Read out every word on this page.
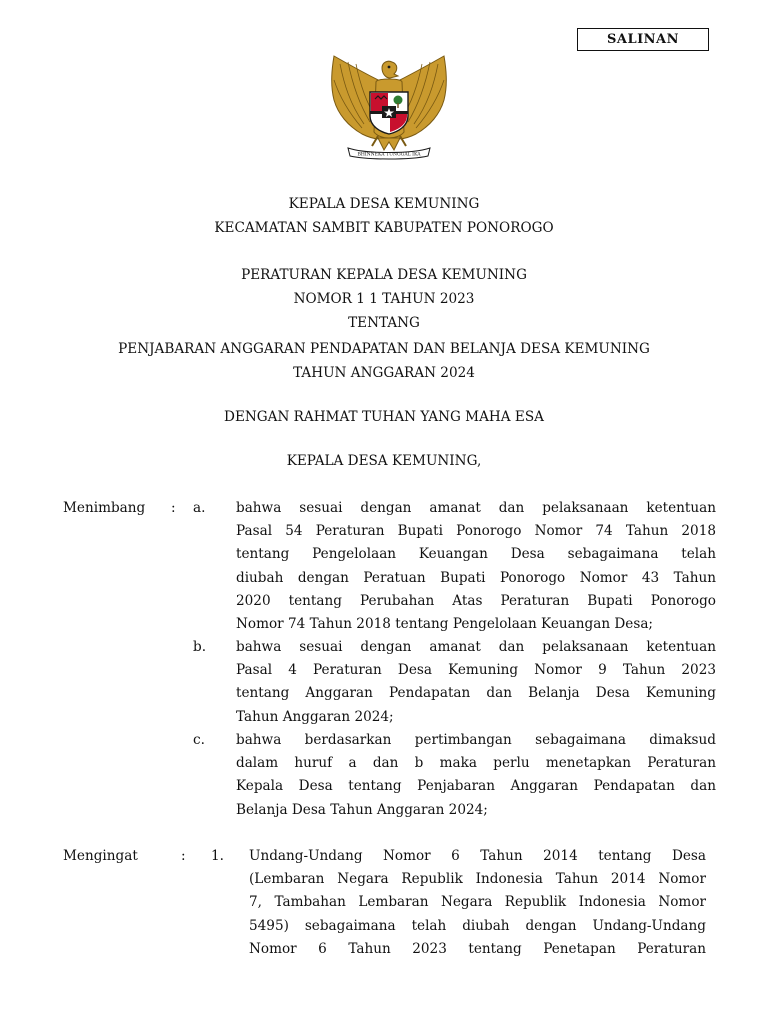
SALINAN
BHINNEKA TUNGGAL IKA
KEPALA DESA KEMUNING
KECAMATAN SAMBIT KABUPATEN PONOROGO
PERATURAN KEPALA DESA KEMUNING
NOMOR 1 1 TAHUN 2023
TENTANG
PENJABARAN ANGGARAN PENDAPATAN DAN BELANJA DESA KEMUNING
TAHUN ANGGARAN 2024
DENGAN RAHMAT TUHAN YANG MAHA ESA
KEPALA DESA KEMUNING,
Menimbang : a. bahwa sesuai dengan amanat dan pelaksanaan ketentuan
Pasal 54 Peraturan Bupati Ponorogo Nomor 74 Tahun 2018
tentang Pengelolaan Keuangan Desa sebagaimana telah
diubah dengan Peratuan Bupati Ponorogo Nomor 43 Tahun
2020 tentang Perubahan Atas Peraturan Bupati Ponorogo
Nomor 74 Tahun 2018 tentang Pengelolaan Keuangan Desa;
b. bahwa sesuai dengan amanat dan pelaksanaan ketentuan
Pasal 4 Peraturan Desa Kemuning Nomor 9 Tahun 2023
tentang Anggaran Pendapatan dan Belanja Desa Kemuning
Tahun Anggaran 2024;
c. bahwa berdasarkan pertimbangan sebagaimana dimaksud
dalam huruf a dan b maka perlu menetapkan Peraturan
Kepala Desa tentang Penjabaran Anggaran Pendapatan dan
Belanja Desa Tahun Anggaran 2024;
Mengingat	: 1. Undang-Undang Nomor 6 Tahun 2014 tentang Desa
(Lembaran Negara Republik Indonesia Tahun 2014 Nomor
7, Tambahan Lembaran Negara Republik Indonesia Nomor
5495) sebagaimana telah diubah dengan Undang-Undang
Nomor 6 Tahun 2023 tentang Penetapan Peraturan
